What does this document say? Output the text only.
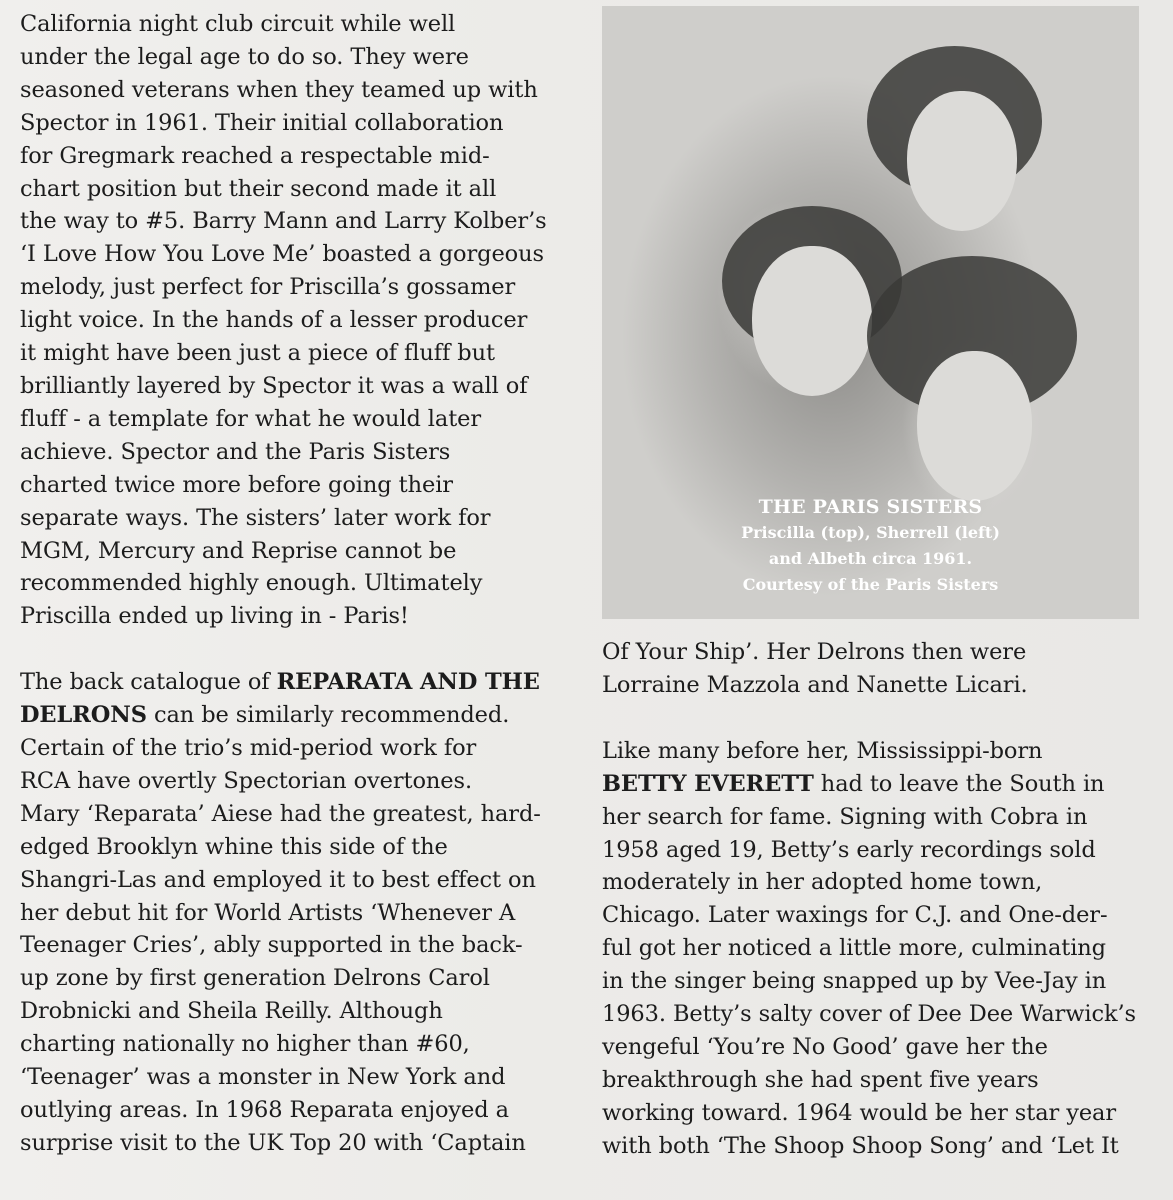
California night club circuit while well
under the legal age to do so. They were
seasoned veterans when they teamed up with
Spector in 1961. Their initial collaboration
for Gregmark reached a respectable mid-
chart position but their second made it all
the way to #5. Barry Mann and Larry Kolber’s
‘I Love How You Love Me’ boasted a gorgeous
melody, just perfect for Priscilla’s gossamer
light voice. In the hands of a lesser producer
it might have been just a piece of fluff but
brilliantly layered by Spector it was a wall of
fluff - a template for what he would later
achieve. Spector and the Paris Sisters
charted twice more before going their
separate ways. The sisters’ later work for
MGM, Mercury and Reprise cannot be
recommended highly enough. Ultimately
Priscilla ended up living in - Paris!
The back catalogue of REPARATA AND THE
DELRONS can be similarly recommended.
Certain of the trio’s mid-period work for
RCA have overtly Spectorian overtones.
Mary ‘Reparata’ Aiese had the greatest, hard-
edged Brooklyn whine this side of the
Shangri-Las and employed it to best effect on
her debut hit for World Artists ‘Whenever A
Teenager Cries’, ably supported in the back-
up zone by first generation Delrons Carol
Drobnicki and Sheila Reilly. Although
charting nationally no higher than #60,
‘Teenager’ was a monster in New York and
outlying areas. In 1968 Reparata enjoyed a
surprise visit to the UK Top 20 with ‘Captain
THE PARIS SISTERS
Priscilla (top), Sherrell (left)
and Albeth circa 1961.
Courtesy of the Paris Sisters
Of Your Ship’. Her Delrons then were
Lorraine Mazzola and Nanette Licari.
Like many before her, Mississippi-born
BETTY EVERETT had to leave the South in
her search for fame. Signing with Cobra in
1958 aged 19, Betty’s early recordings sold
moderately in her adopted home town,
Chicago. Later waxings for C.J. and One-der-
ful got her noticed a little more, culminating
in the singer being snapped up by Vee-Jay in
1963. Betty’s salty cover of Dee Dee Warwick’s
vengeful ‘You’re No Good’ gave her the
breakthrough she had spent five years
working toward. 1964 would be her star year
with both ‘The Shoop Shoop Song’ and ‘Let It
